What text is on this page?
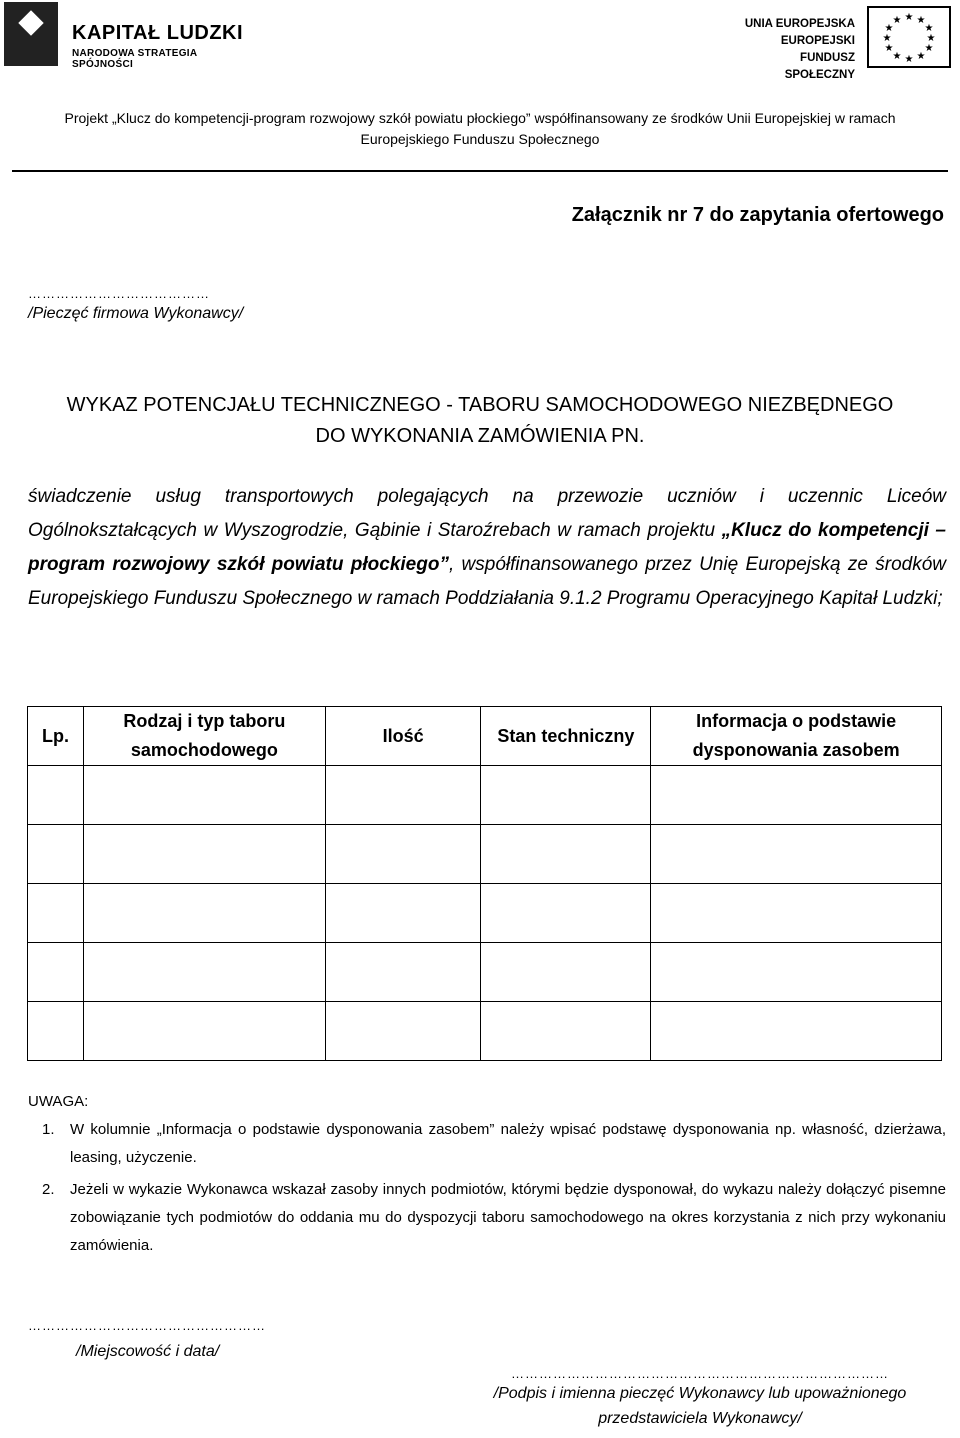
KAPITAŁ LUDZKI
NARODOWA STRATEGIA SPÓJNOŚCI
UNIA EUROPEJSKA
EUROPEJSKI
FUNDUSZ SPOŁECZNY
★ ★
★
★
★
★
★
★
★
★
★
★
Projekt „Klucz do kompetencji-program rozwojowy szkół powiatu płockiego” współfinansowany ze środków Unii Europejskiej w ramach
Europejskiego Funduszu Społecznego
Załącznik nr 7 do zapytania ofertowego
…………………………………
/Pieczęć firmowa Wykonawcy/
WYKAZ POTENCJAŁU TECHNICZNEGO - TABORU SAMOCHODOWEGO NIEZBĘDNEGO
DO WYKONANIA ZAMÓWIENIA PN.
świadczenie usług transportowych polegających na przewozie uczniów i uczennic Liceów Ogólnokształcących w Wyszogrodzie, Gąbinie i Staroźrebach w ramach projektu „Klucz do kompetencji – program rozwojowy szkół powiatu płockiego”, współfinansowanego przez Unię Europejską ze środków Europejskiego Funduszu Społecznego w ramach Poddziałania 9.1.2 Programu Operacyjnego Kapitał Ludzki;
Lp.	Rodzaj i typ taboru samochodowego	Ilość	Stan techniczny	Informacja o podstawie dysponowania zasobem

UWAGA:
1. W kolumnie „Informacja o podstawie dysponowania zasobem” należy wpisać podstawę dysponowania np. własność, dzierżawa, leasing, użyczenie.
2. Jeżeli w wykazie Wykonawca wskazał zasoby innych podmiotów, którymi będzie dysponował, do wykazu należy dołączyć pisemne zobowiązanie tych podmiotów do oddania mu do dyspozycji taboru samochodowego na okres korzystania z nich przy wykonaniu zamówienia.
……………………………………………
/Miejscowość i data/
………………………………………………………………………
/Podpis i imienna pieczęć Wykonawcy lub upoważnionego
przedstawiciela Wykonawcy/
